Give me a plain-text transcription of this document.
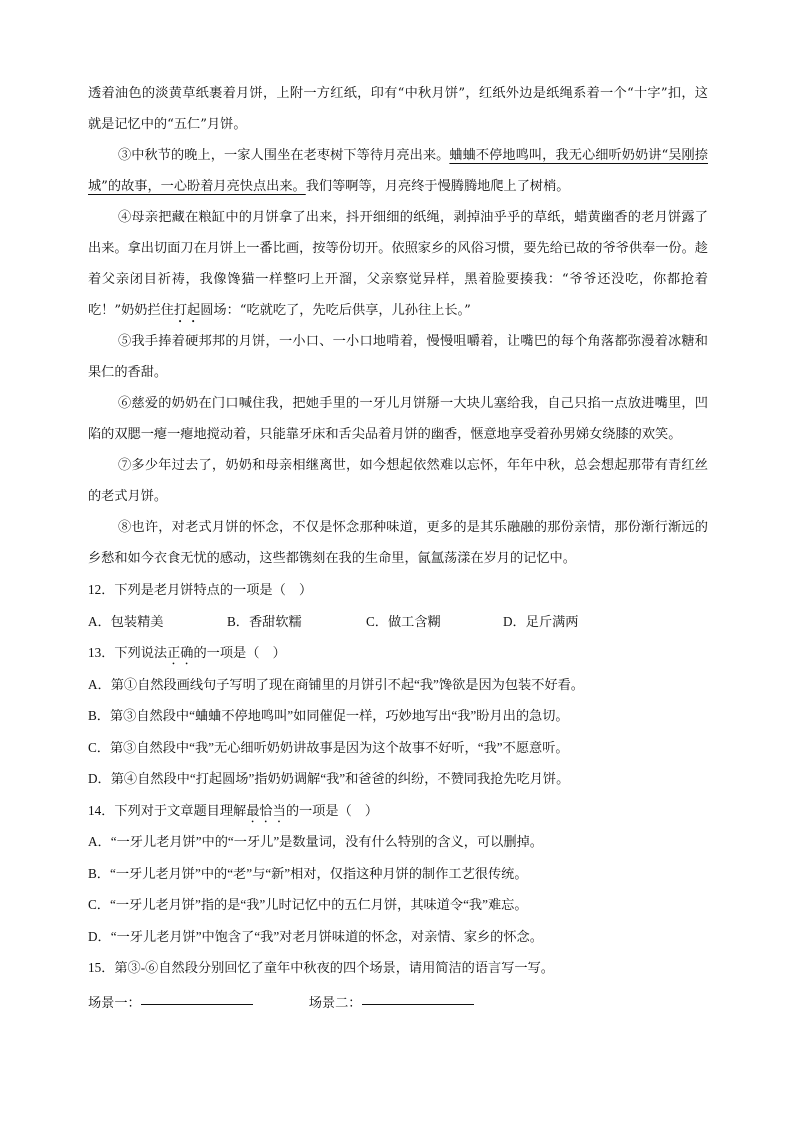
透着油色的淡黄草纸裹着月饼，上附一方红纸，印有“中秋月饼”，红纸外边是纸绳系着一个“十字”扣，这就是记忆中的“五仁”月饼。

③中秋节的晚上，一家人围坐在老枣树下等待月亮出来。蛐蛐不停地鸣叫，我无心细听奶奶讲“吴刚捺城”的故事，一心盼着月亮快点出来。我们等啊等，月亮终于慢腾腾地爬上了树梢。

④母亲把藏在粮缸中的月饼拿了出来，抖开细细的纸绳，剥掉油乎乎的草纸，蜡黄幽香的老月饼露了出来。拿出切面刀在月饼上一番比画，按等份切开。依照家乡的风俗习惯，要先给已故的爷爷供奉一份。趁着父亲闭目祈祷，我像馋猫一样整叼上开溜，父亲察觉异样，黑着脸要揍我：“爷爷还没吃，你都抢着吃！”奶奶拦住打起圆场：“吃就吃了，先吃后供享，儿孙往上长。”

⑤我手捧着硬邦邦的月饼，一小口、一小口地啃着，慢慢咀嚼着，让嘴巴的每个角落都弥漫着冰糖和果仁的香甜。

⑥慈爱的奶奶在门口喊住我，把她手里的一牙儿月饼掰一大块儿塞给我，自己只掐一点放进嘴里，凹陷的双腮一瘪一瘪地搅动着，只能靠牙床和舌尖品着月饼的幽香，惬意地享受着孙男娣女绕膝的欢笑。

⑦多少年过去了，奶奶和母亲相继离世，如今想起依然难以忘怀，年年中秋，总会想起那带有青红丝的老式月饼。

⑧也许，对老式月饼的怀念，不仅是怀念那种味道，更多的是其乐融融的那份亲情，那份渐行渐远的乡愁和如今衣食无忧的感动，这些都镌刻在我的生命里，氤氲荡漾在岁月的记忆中。

12．下列是老月饼特点的一项是（　）

A．包装精美	B．香甜软糯	C．做工含糊	D．足斤满两

13．下列说法正确的一项是（　）

A．第①自然段画线句子写明了现在商铺里的月饼引不起“我”馋欲是因为包装不好看。

B．第③自然段中“蛐蛐不停地鸣叫”如同催促一样，巧妙地写出“我”盼月出的急切。

C．第③自然段中“我”无心细听奶奶讲故事是因为这个故事不好听，“我”不愿意听。

D．第④自然段中“打起圆场”指奶奶调解“我”和爸爸的纠纷，不赞同我抢先吃月饼。

14．下列对于文章题目理解最恰当的一项是（　）

A．“一牙儿老月饼”中的“一牙儿”是数量词，没有什么特别的含义，可以删掉。

B．“一牙儿老月饼”中的“老”与“新”相对，仅指这种月饼的制作工艺很传统。

C．“一牙儿老月饼”指的是“我”儿时记忆中的五仁月饼，其味道令“我”难忘。

D．“一牙儿老月饼”中饱含了“我”对老月饼味道的怀念，对亲情、家乡的怀念。

15．第③-⑥自然段分别回忆了童年中秋夜的四个场景，请用简洁的语言写一写。

场景一：	场景二：
